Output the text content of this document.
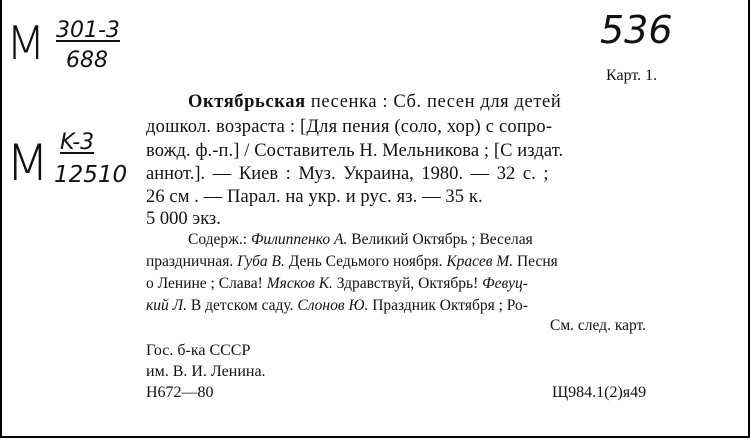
M 301-3
688
M K-3
12510
536
Карт. 1.
Октябрьская песенка : Сб. песен для детей
дошкол. возраста : [Для пения (соло, хор) с сопро-
вожд. ф.-п.] / Составитель Н. Мельникова ; [С издат.
аннот.]. — Киев : Муз. Украина, 1980. — 32 с. ;
26 см . — Парал. на укр. и рус. яз. — 35 к.
5 000 экз.
Содерж.: Филиппенко А. Великий Октябрь ; Веселая
праздничная. Губа В. День Седьмого ноября. Красев М. Песня
о Ленине ; Слава! Мясков К. Здравствуй, Октябрь! Февуц-
кий Л. В детском саду. Слонов Ю. Праздник Октября ; Ро-
См. след. карт.
Гос. б-ка СССР
им. В. И. Ленина.
Н672—80	Щ984.1(2)я49
